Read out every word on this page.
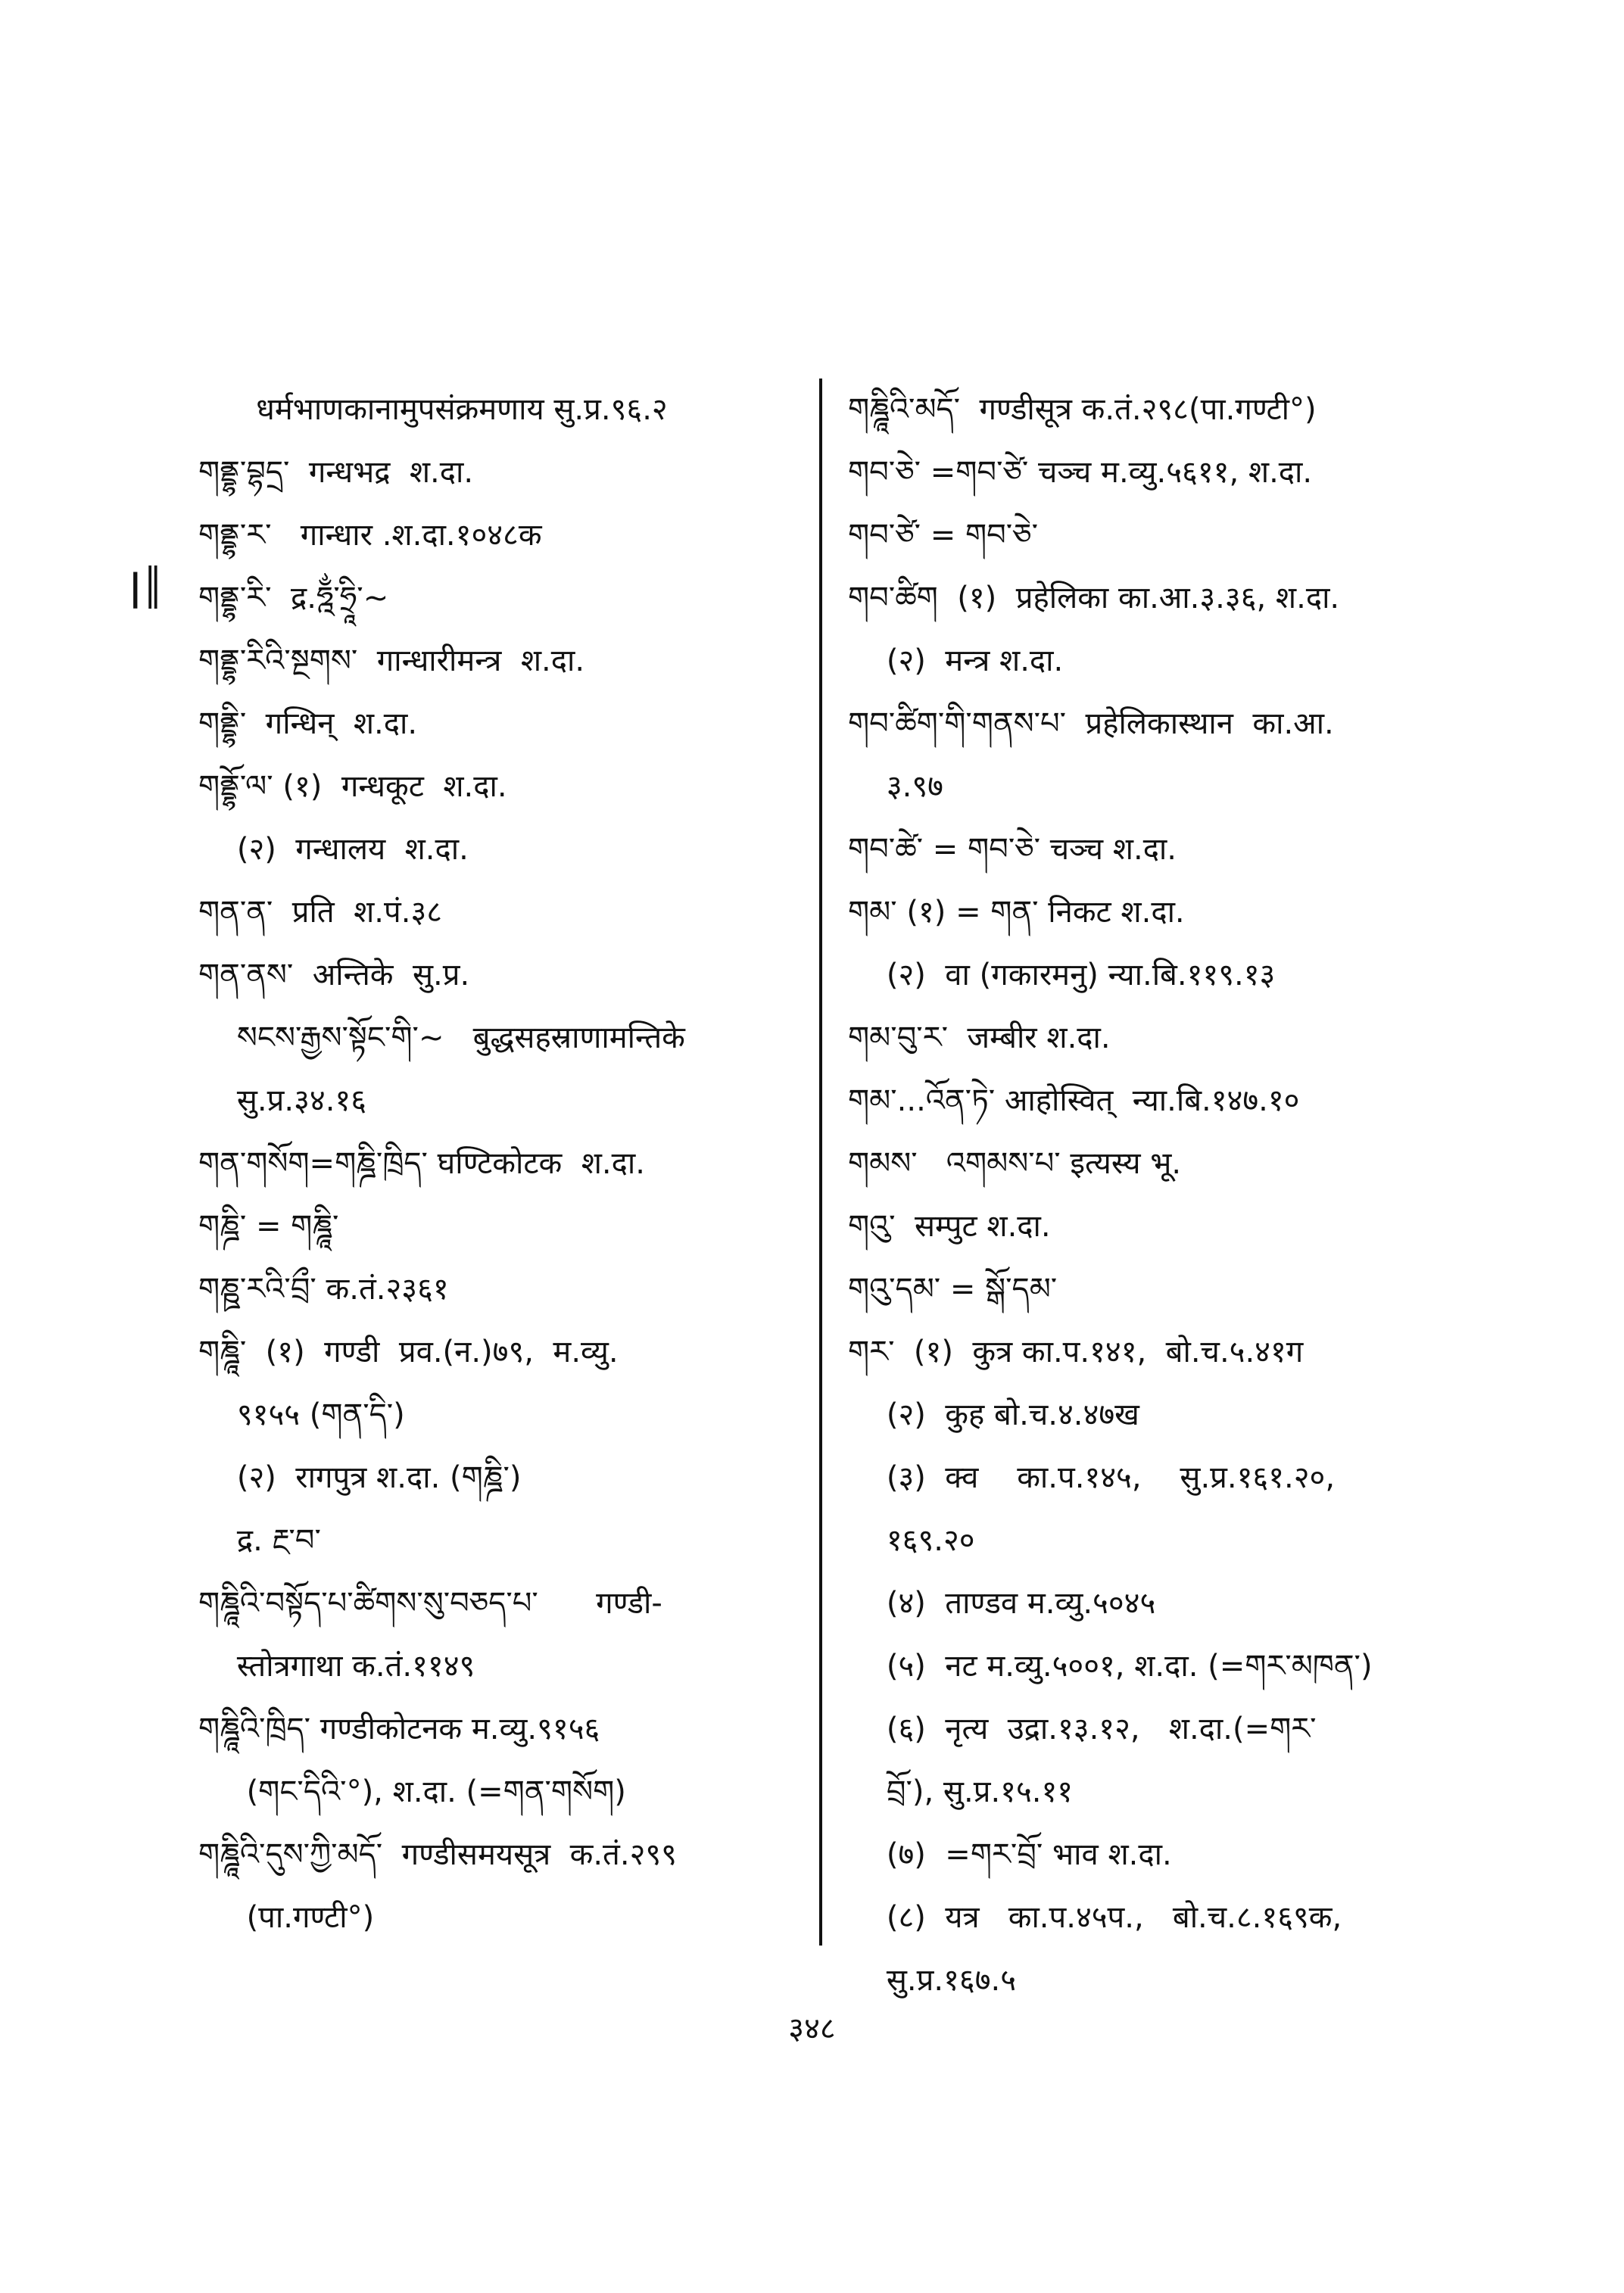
|║
धर्मभाणकानामुपसंक्रमणाय सु.प्र.९६.२
གནྡྷ་བྷདྲ་  गन्धभद्र  श.दा.
གནྡྷ་ར་   गान्धार .श.दा.१०४८क
གནྡྷ་རི་  द्र.ཧྰྂ་ཧྲཱི་~
གནྡྷ་རིའི་སྔགས་  गान्धारीमन्त्र  श.दा.
གནྡྷི་  गन्धिन्  श.दा.
གནྡྷོ་ལ་ (१)  गन्धकूट  श.दा.
(२)  गन्धालय  श.दा.
གན་ན་  प्रति  श.पं.३८
གན་ནས་  अन्तिके  सु.प्र.
སངས་རྒྱས་སྟོང་གི་~   बुद्धसहस्राणामन्तिके
सु.प्र.३४.१६
གན་གསོག=གཎྜི་ཁྲིད་ घण्टिकोटक  श.दा.
གཎྜི་ = གཎྜཱི་
གཎྛ་རའི་བྲྀ་ क.तं.२३६१
གཎྜཱི་  (१)  गण्डी  प्रव.(न.)७९,  म.व्यु.
९१५५ (གན་དི་)
(२)  रागपुत्र श.दा. (གཎྜི་)
द्र. རྔ་བ་
གཎྜཱིའི་བསྟོད་པ་ཚིགས་སུ་བཅད་པ་      गण्डी-
स्तोत्रगाथा क.तं.११४९
གཎྜཱིའི་ཁྲིད་ गण्डीकोटनक म.व्यु.९१५६
(གང་དིའི་°), श.दा. (=གན་གསོག)
གཎྜཱིའི་དུས་ཀྱི་མདོ་  गण्डीसमयसूत्र  क.तं.२९९
(पा.गण्टी°)
གཎྜཱིའི་མདོ་  गण्डीसूत्र क.तं.२९८(पा.गण्टी°)
གབ་ཅེ་ =གབ་ཙེ་ चञ्च म.व्यु.५६११, श.दा.
གབ་ཙེ་ = གབ་ཅེ་
གབ་ཚིག  (१)  प्रहेलिका का.आ.३.३६, श.दा.
(२)  मन्त्र श.दा.
གབ་ཚིག་གི་གནས་པ་  प्रहेलिकास्थान  का.आ.
३.९७
གབ་ཚེ་ = གབ་ཅེ་ चञ्च श.दा.
གམ་ (१) = གན་ निकट श.दा.
(२)  वा (गकारमनु) न्या.बि.११९.१३
གམ་བུ་ར་  जम्बीर श.दा.
གམ་...འོན་ཏེ་ आहोस्वित्  न्या.बि.१४७.१०
གམས་   འགམས་པ་ इत्यस्य भू.
གའུ་  सम्पुट श.दा.
གའུ་དམ་ = སྒོ་དམ་
གར་  (१)  कुत्र का.प.१४१,  बो.च.५.४१ग
(२)  कुह बो.च.४.४७ख
(३)  क्व    का.प.१४५,    सु.प्र.१६१.२०,
१६९.२०
(४)  ताण्डव म.व्यु.५०४५
(५)  नट म.व्यु.५००१, श.दा. (=གར་མཁན་)
(६)  नृत्य  उद्रा.१३.१२,   श.दा.(=གར་
བྲོ་), सु.प्र.१५.११
(७)  =གར་བྲོ་ भाव श.दा.
(८)  यत्र   का.प.४५प.,   बो.च.८.१६९क,
सु.प्र.१६७.५
३४८
